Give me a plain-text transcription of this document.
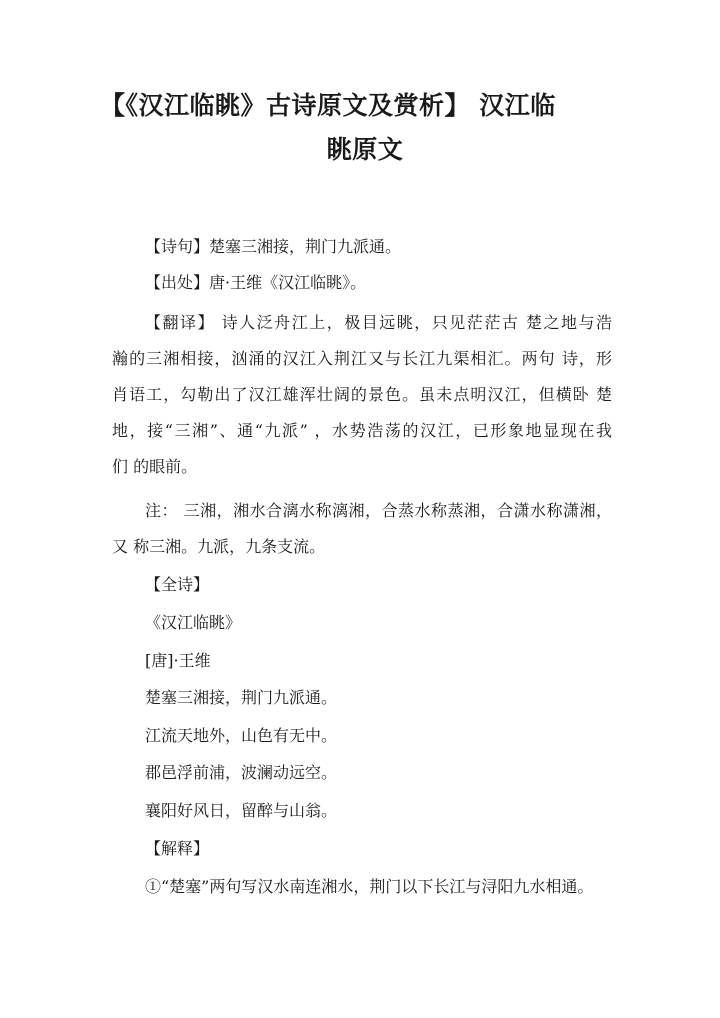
【《汉江临眺》古诗原文及赏析】 汉江临
眺原文
【诗句】楚塞三湘接，荆门九派通。
【出处】唐·王维《汉江临眺》。
【翻译】 诗人泛舟江上，极目远眺，只见茫茫古 楚之地与浩
瀚的三湘相接，汹涌的汉江入荆江又与长江九渠相汇。两句 诗，形
肖语工，勾勒出了汉江雄浑壮阔的景色。虽未点明汉江，但横卧 楚
地，接“三湘”、通“九派” ，水势浩荡的汉江，已形象地显现在我
们 的眼前。
注： 三湘，湘水合漓水称漓湘，合蒸水称蒸湘，合潇水称潇湘，
又 称三湘。九派，九条支流。
【全诗】
《汉江临眺》
[唐]·王维
楚塞三湘接，荆门九派通。
江流天地外，山色有无中。
郡邑浮前浦，波澜动远空。
襄阳好风日，留醉与山翁。
【解释】
①“楚塞”两句写汉水南连湘水，荆门以下长江与浔阳九水相通。
